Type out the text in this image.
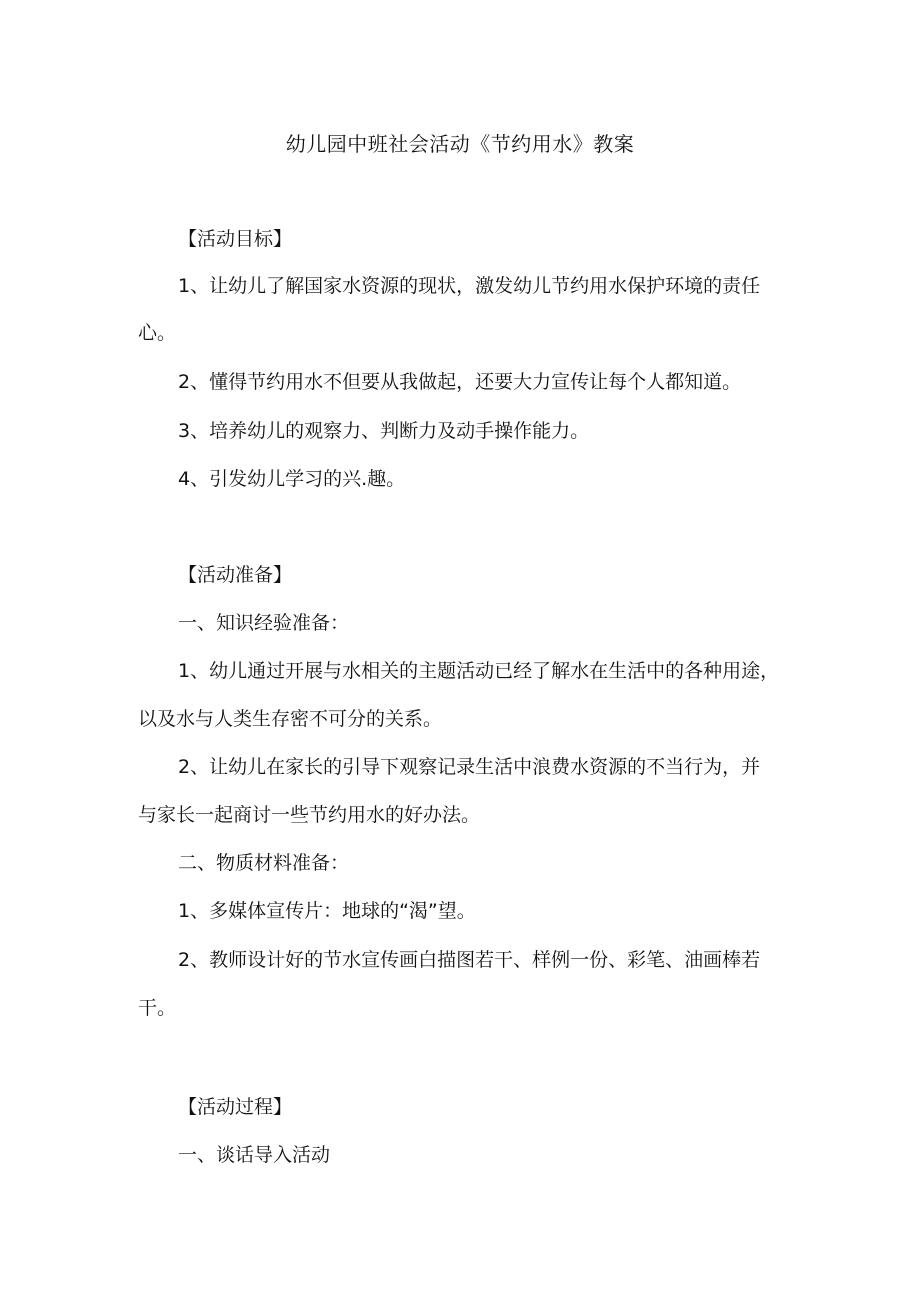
幼儿园中班社会活动《节约用水》教案
【活动目标】
1、让幼儿了解国家水资源的现状，激发幼儿节约用水保护环境的责任
心。
2、懂得节约用水不但要从我做起，还要大力宣传让每个人都知道。
3、培养幼儿的观察力、判断力及动手操作能力。
4、引发幼儿学习的兴.趣。
【活动准备】
一、知识经验准备：
1、幼儿通过开展与水相关的主题活动已经了解水在生活中的各种用途，
以及水与人类生存密不可分的关系。
2、让幼儿在家长的引导下观察记录生活中浪费水资源的不当行为，并
与家长一起商讨一些节约用水的好办法。
二、物质材料准备：
1、多媒体宣传片：地球的“渴”望。
2、教师设计好的节水宣传画白描图若干、样例一份、彩笔、油画棒若
干。
【活动过程】
一、谈话导入活动
